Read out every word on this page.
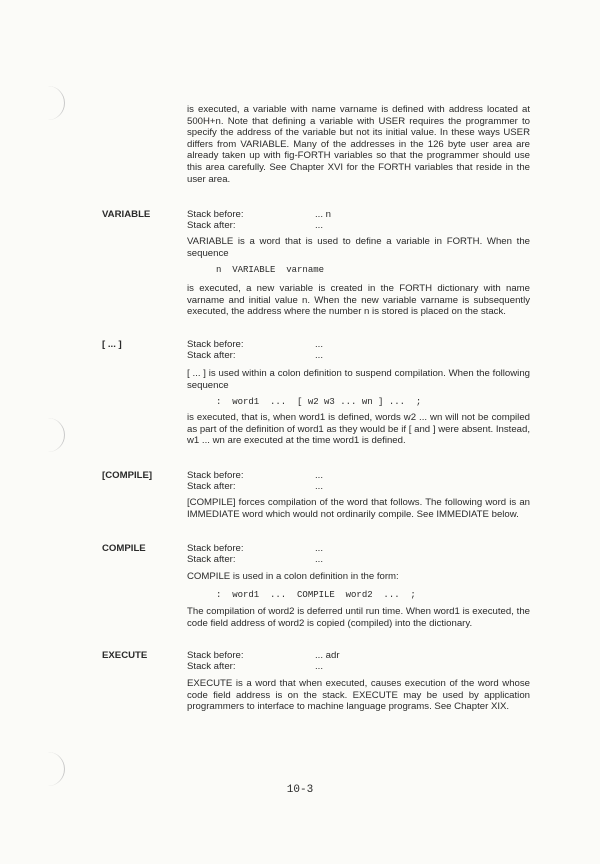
is executed, a variable with name varname is defined with address located at 500H+n. Note that defining a variable with USER requires the programmer to specify the address of the variable but not its initial value. In these ways USER differs from VARIABLE. Many of the addresses in the 126 byte user area are already taken up with fig-FORTH variables so that the programmer should use this area carefully. See Chapter XVI for the FORTH variables that reside in the user area.

VARIABLE	Stack before:	... n
Stack after:	...

VARIABLE is a word that is used to define a variable in FORTH. When the sequence

n  VARIABLE  varname

is executed, a new variable is created in the FORTH dictionary with name varname and initial value n. When the new variable varname is subsequently executed, the address where the number n is stored is placed on the stack.

[ ... ]	Stack before:	...
Stack after:	...

[ ... ] is used within a colon definition to suspend compilation. When the following sequence

:  word1  ...  [ w2 w3 ... wn ] ...  ;

is executed, that is, when word1 is defined, words w2 ... wn will not be compiled as part of the definition of word1 as they would be if [ and ] were absent. Instead, w1 ... wn are executed at the time word1 is defined.

[COMPILE]	Stack before:	...
Stack after:	...

[COMPILE] forces compilation of the word that follows. The following word is an IMMEDIATE word which would not ordinarily compile. See IMMEDIATE below.

COMPILE	Stack before:	...
Stack after:	...

COMPILE is used in a colon definition in the form:

:  word1  ...  COMPILE  word2  ...  ;

The compilation of word2 is deferred until run time. When word1 is executed, the code field address of word2 is copied (compiled) into the dictionary.

EXECUTE	Stack before:	... adr
Stack after:	...

EXECUTE is a word that when executed, causes execution of the word whose code field address is on the stack. EXECUTE may be used by application programmers to interface to machine language programs. See Chapter XIX.

10-3
